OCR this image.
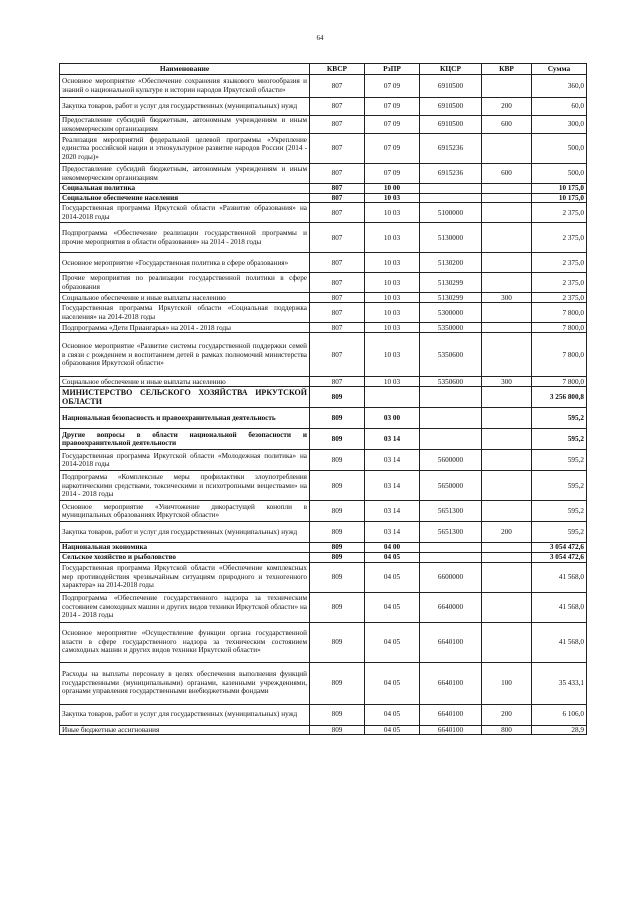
64
Наименование	КВСР	РзПР	КЦСР	КВР	Сумма
Основное мероприятие «Обеспечение сохранения языкового многообразия и знаний о национальной культуре и истории народов Иркутской области»	807	07 09	6910500		360,0
Закупка товаров, работ и услуг для государственных (муниципальных) нужд	807	07 09	6910500	200	60,0
Предоставление субсидий бюджетным, автономным учреждениям и иным некоммерческим организациям	807	07 09	6910500	600	300,0
Реализация мероприятий федеральной целевой программы «Укрепление единства российской нации и этнокультурное развитие народов России (2014 - 2020 годы)»	807	07 09	6915236		500,0
Предоставление субсидий бюджетным, автономным учреждениям и иным некоммерческим организациям	807	07 09	6915236	600	500,0
Социальная политика	807	10 00			10 175,0
Социальное обеспечение населения	807	10 03			10 175,0
Государственная программа Иркутской области «Развитие образования» на 2014-2018 годы	807	10 03	5100000		2 375,0
Подпрограмма «Обеспечение реализации государственной программы и прочие мероприятия в области образования» на 2014 - 2018 годы	807	10 03	5130000		2 375,0
Основное мероприятие «Государственная политика в сфере образования»	807	10 03	5130200		2 375,0
Прочие мероприятия по реализации государственной политики в сфере образования	807	10 03	5130299		2 375,0
Социальное обеспечение и иные выплаты населению	807	10 03	5130299	300	2 375,0
Государственная программа Иркутской области «Социальная поддержка населения» на 2014-2018 годы	807	10 03	5300000		7 800,0
Подпрограмма «Дети Приангарья» на 2014 - 2018 годы	807	10 03	5350000		7 800,0
Основное мероприятие «Развитие системы государственной поддержки семей в связи с рождением и воспитанием детей в рамках полномочий министерства образования Иркутской области»	807	10 03	5350600		7 800,0
Социальное обеспечение и иные выплаты населению	807	10 03	5350600	300	7 800,0
МИНИСТЕРСТВО СЕЛЬСКОГО ХОЗЯЙСТВА ИРКУТСКОЙ ОБЛАСТИ	809				3 256 800,8
Национальная безопасность и правоохранительная деятельность	809	03 00			595,2
Другие вопросы в области национальной безопасности и правоохранительной деятельности	809	03 14			595,2
Государственная программа Иркутской области «Молодежная политика» на 2014-2018 годы	809	03 14	5600000		595,2
Подпрограмма «Комплексные меры профилактики злоупотребления наркотическими средствами, токсическими и психотропными веществами» на 2014 - 2018 годы	809	03 14	5650000		595,2
Основное мероприятие «Уничтожение дикорастущей конопли в муниципальных образованиях Иркутской области»	809	03 14	5651300		595,2
Закупка товаров, работ и услуг для государственных (муниципальных) нужд	809	03 14	5651300	200	595,2
Национальная экономика	809	04 00			3 054 472,6
Сельское хозяйство и рыболовство	809	04 05			3 054 472,6
Государственная программа Иркутской области «Обеспечение комплексных мер противодействия чрезвычайным ситуациям природного и техногенного характера» на 2014-2018 годы	809	04 05	6600000		41 568,0
Подпрограмма «Обеспечение государственного надзора за техническим состоянием самоходных машин и других видов техники Иркутской области» на 2014 - 2018 годы	809	04 05	6640000		41 568,0
Основное мероприятие «Осуществление функции органа государственной власти в сфере государственного надзора за техническим состоянием самоходных машин и других видов техники Иркутской области»	809	04 05	6640100		41 568,0
Расходы на выплаты персоналу в целях обеспечения выполнения функций государственными (муниципальными) органами, казенными учреждениями, органами управления государственными внебюджетными фондами	809	04 05	6640100	100	35 433,1
Закупка товаров, работ и услуг для государственных (муниципальных) нужд	809	04 05	6640100	200	6 106,0
Иные бюджетные ассигнования	809	04 05	6640100	800	28,9
